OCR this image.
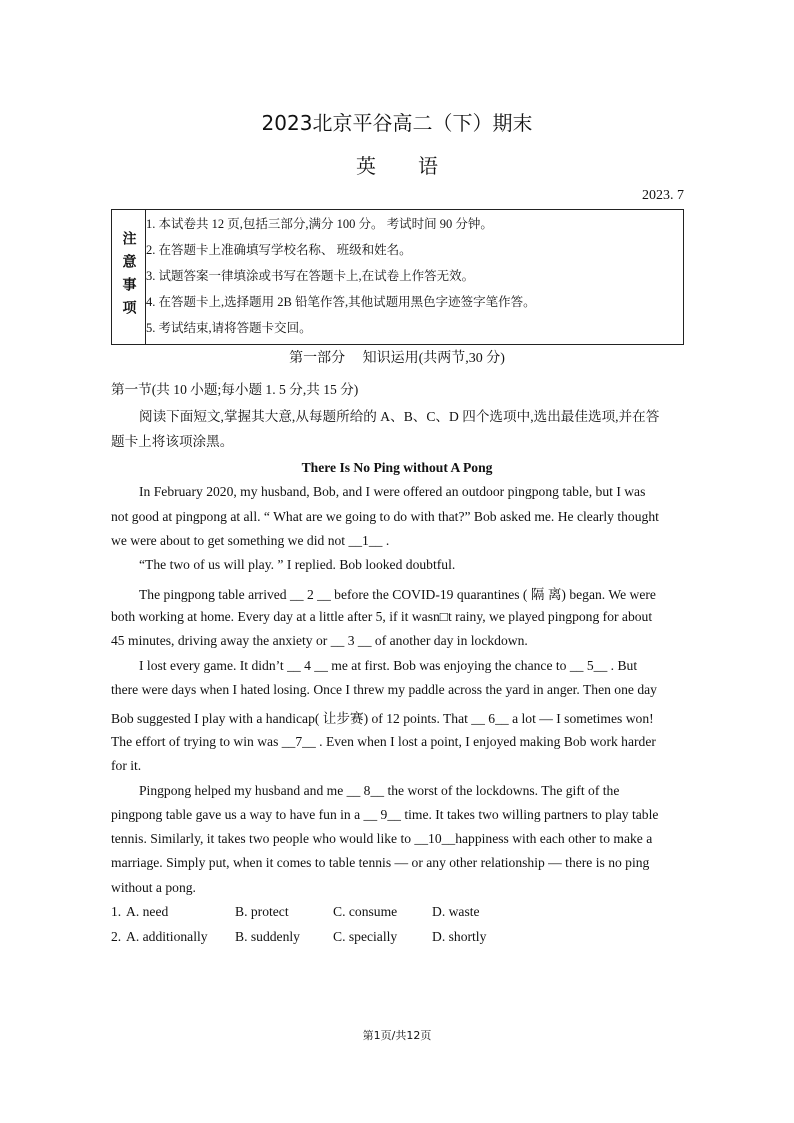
2023北京平谷高二（下）期末
英语
2023. 7
注意事项
1. 本试卷共 12 页,包括三部分,满分 100 分。 考试时间 90 分钟。
2. 在答题卡上准确填写学校名称、 班级和姓名。
3. 试题答案一律填涂或书写在答题卡上,在试卷上作答无效。
4. 在答题卡上,选择题用 2B 铅笔作答,其他试题用黑色字迹签字笔作答。
5. 考试结束,请将答题卡交回。
第一部分　 知识运用(共两节,30 分)
第一节(共 10 小题;每小题 1. 5 分,共 15 分)
阅读下面短文,掌握其大意,从每题所给的 A、B、C、D 四个选项中,选出最佳选项,并在答
题卡上将该项涂黑。
There Is No Ping without A Pong
In February 2020, my husband, Bob, and I were offered an outdoor pingpong table, but I was
not good at pingpong at all. “ What are we going to do with that?” Bob asked me. He clearly thought
we were about to get something we did not __1__ .
“The two of us will play. ” I replied. Bob looked doubtful.
The pingpong table arrived __ 2 __ before the COVID-19 quarantines ( 隔 离) began. We were
both working at home. Every day at a little after 5, if it wasn□t rainy, we played pingpong for about
45 minutes, driving away the anxiety or __ 3 __ of another day in lockdown.
I lost every game. It didn’t __ 4 __ me at first. Bob was enjoying the chance to __ 5__ . But
there were days when I hated losing. Once I threw my paddle across the yard in anger. Then one day
Bob suggested I play with a handicap( 让步赛) of 12 points. That __ 6__ a lot — I sometimes won!
The effort of trying to win was __7__ . Even when I lost a point, I enjoyed making Bob work harder
for it.
Pingpong helped my husband and me __ 8__ the worst of the lockdowns. The gift of the
pingpong table gave us a way to have fun in a __ 9__ time. It takes two willing partners to play table
tennis. Similarly, it takes two people who would like to __10__happiness with each other to make a
marriage. Simply put, when it comes to table tennis — or any other relationship — there is no ping
without a pong.
1. A. need	B. protect	C. consume	D. waste
2. A. additionally B. suddenly C. specially	D. shortly
第1页/共12页
